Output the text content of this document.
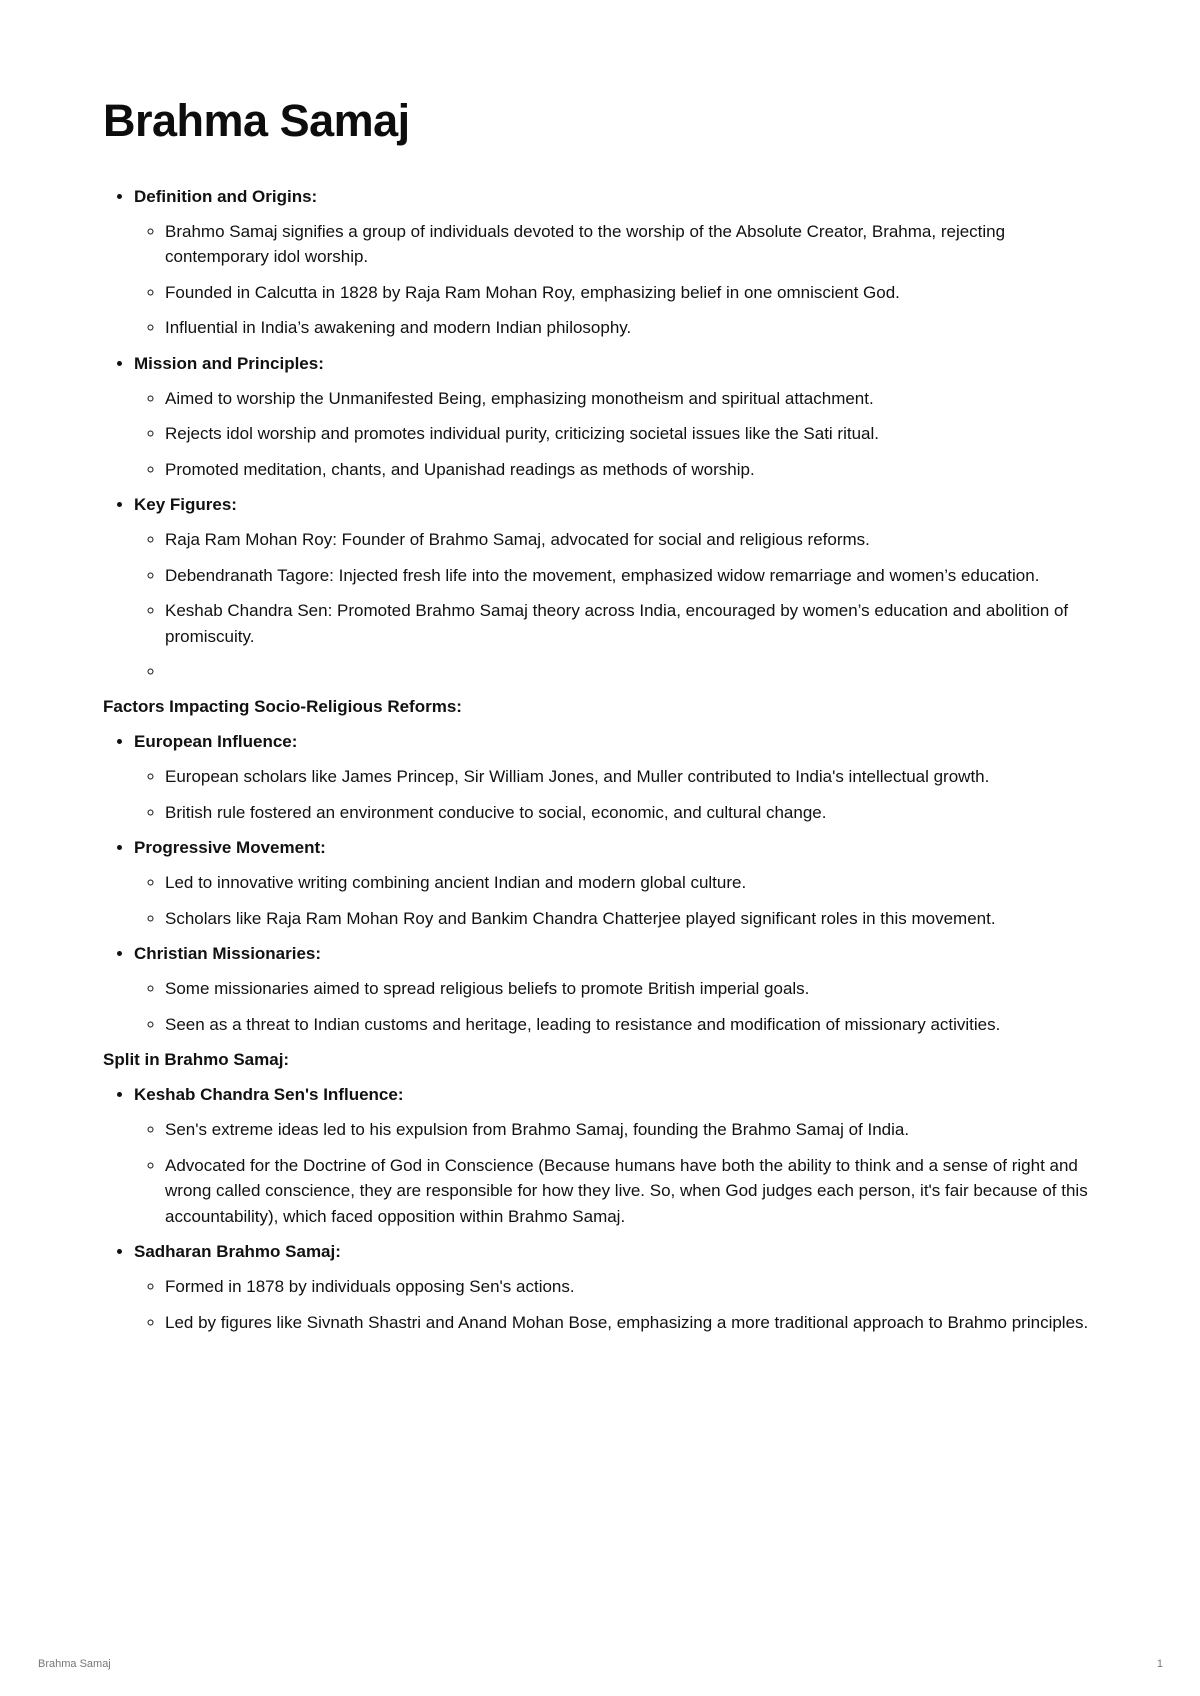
Brahma Samaj
• Definition and Origins:
◦ Brahmo Samaj signifies a group of individuals devoted to the worship of the Absolute Creator, Brahma, rejecting contemporary idol worship.
◦ Founded in Calcutta in 1828 by Raja Ram Mohan Roy, emphasizing belief in one omniscient God.
◦ Influential in India’s awakening and modern Indian philosophy.
• Mission and Principles:
◦ Aimed to worship the Unmanifested Being, emphasizing monotheism and spiritual attachment.
◦ Rejects idol worship and promotes individual purity, criticizing societal issues like the Sati ritual.
◦ Promoted meditation, chants, and Upanishad readings as methods of worship.
• Key Figures:
◦ Raja Ram Mohan Roy: Founder of Brahmo Samaj, advocated for social and religious reforms.
◦ Debendranath Tagore: Injected fresh life into the movement, emphasized widow remarriage and women’s education.
◦ Keshab Chandra Sen: Promoted Brahmo Samaj theory across India, encouraged by women’s education and abolition of promiscuity.
◦
Factors Impacting Socio-Religious Reforms:
• European Influence:
◦ European scholars like James Princep, Sir William Jones, and Muller contributed to India's intellectual growth.
◦ British rule fostered an environment conducive to social, economic, and cultural change.
• Progressive Movement:
◦ Led to innovative writing combining ancient Indian and modern global culture.
◦ Scholars like Raja Ram Mohan Roy and Bankim Chandra Chatterjee played significant roles in this movement.
• Christian Missionaries:
◦ Some missionaries aimed to spread religious beliefs to promote British imperial goals.
◦ Seen as a threat to Indian customs and heritage, leading to resistance and modification of missionary activities.
Split in Brahmo Samaj:
• Keshab Chandra Sen's Influence:
◦ Sen's extreme ideas led to his expulsion from Brahmo Samaj, founding the Brahmo Samaj of India.
◦ Advocated for the Doctrine of God in Conscience (Because humans have both the ability to think and a sense of right and wrong called conscience, they are responsible for how they live. So, when God judges each person, it's fair because of this accountability), which faced opposition within Brahmo Samaj.
• Sadharan Brahmo Samaj:
◦ Formed in 1878 by individuals opposing Sen's actions.
◦ Led by figures like Sivnath Shastri and Anand Mohan Bose, emphasizing a more traditional approach to Brahmo principles.
Brahma Samaj	1
